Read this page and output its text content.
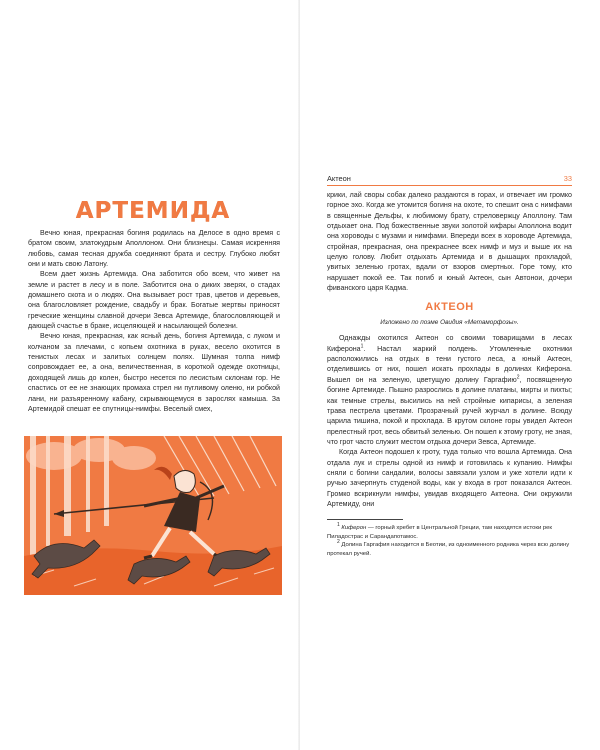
АРТЕМИДА

Вечно юная, прекрасная богиня родилась на Делосе в одно время с братом своим, златокудрым Аполлоном. Они близнецы. Самая искренняя любовь, самая тесная дружба соединяют брата и сестру. Глубоко любят они и мать свою Латону.

Всем дает жизнь Артемида. Она заботится обо всем, что живет на земле и растет в лесу и в поле. Заботится она о диких зверях, о стадах домашнего скота и о людях. Она вызывает рост трав, цветов и деревьев, она благословляет рождение, свадьбу и брак. Богатые жертвы приносят греческие женщины славной дочери Зевса Артемиде, благословляющей и дающей счастье в браке, исцеляющей и насылающей болезни.

Вечно юная, прекрасная, как ясный день, богиня Артемида, с луком и колчаном за плечами, с копьем охотника в руках, весело охотится в тенистых лесах и залитых солнцем полях. Шумная толпа нимф сопровождает ее, а она, величественная, в короткой одежде охотницы, доходящей лишь до колен, быстро несется по лесистым склонам гор. Не спастись от ее не знающих промаха стрел ни пугливому оленю, ни робкой лани, ни разъяренному кабану, скрывающемуся в зарослях камыша. За Артемидой спешат ее спутницы-нимфы. Веселый смех,

Актеон	33

крики, лай своры собак далеко раздаются в горах, и отвечает им громко горное эхо. Когда же утомится богиня на охоте, то спешит она с нимфами в священные Дельфы, к любимому брату, стреловержцу Аполлону. Там отдыхает она. Под божественные звуки золотой кифары Аполлона водит она хороводы с музами и нимфами. Впереди всех в хороводе Артемида, стройная, прекрасная, она прекраснее всех нимф и муз и выше их на целую голову. Любит отдыхать Артемида и в дышащих прохладой, увитых зеленью гротах, вдали от взоров смертных. Горе тому, кто нарушает покой ее. Так погиб и юный Актеон, сын Автонои, дочери фиванского царя Кадма.

АКТЕОН
Изложено по поэме Овидия «Метаморфозы».

Однажды охотился Актеон со своими товарищами в лесах Киферона$^1$. Настал жаркий полдень. Утомленные охотники расположились на отдых в тени густого леса, а юный Актеон, отделившись от них, пошел искать прохлады в долинах Киферона. Вышел он на зеленую, цветущую долину Гаргафию$^2$, посвященную богине Артемиде. Пышно разрослись в долине платаны, мирты и пихты; как темные стрелы, высились на ней стройные кипарисы, а зеленая трава пестрела цветами. Прозрачный ручей журчал в долине. Всюду царила тишина, покой и прохлада. В крутом склоне горы увидел Актеон прелестный грот, весь обвитый зеленью. Он пошел к этому гроту, не зная, что грот часто служит местом отдыха дочери Зевса, Артемиде.

Когда Актеон подошел к гроту, туда только что вошла Артемида. Она отдала лук и стрелы одной из нимф и готовилась к купанию. Нимфы сняли с богини сандалии, волосы завязали узлом и уже хотели идти к ручью зачерпнуть студеной воды, как у входа в грот показался Актеон. Громко вскрикнули нимфы, увидав входящего Актеона. Они окружили Артемиду, они

$^1$ Киферон — горный хребет в Центральной Греции, там находятся истоки рек Пиладострас и Сарандапотамос.

$^2$ Долина Гаргафия находится в Беотии, из одноименного родника через всю долину протекал ручей.
